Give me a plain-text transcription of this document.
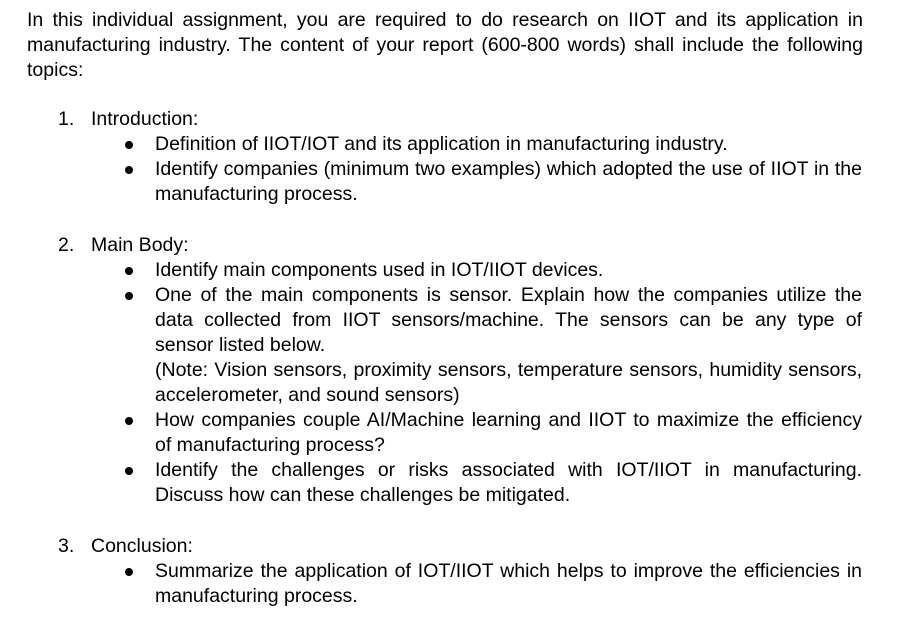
In this individual assignment, you are required to do research on IIOT and its application in manufacturing industry. The content of your report (600-800 words) shall include the following topics:
1. Introduction:
Definition of IIOT/IOT and its application in manufacturing industry.
Identify companies (minimum two examples) which adopted the use of IIOT in the manufacturing process.
2. Main Body:
Identify main components used in IOT/IIOT devices.
One of the main components is sensor. Explain how the companies utilize the data collected from IIOT sensors/machine. The sensors can be any type of sensor listed below.
(Note: Vision sensors, proximity sensors, temperature sensors, humidity sensors, accelerometer, and sound sensors)
How companies couple AI/Machine learning and IIOT to maximize the efficiency of manufacturing process?
Identify the challenges or risks associated with IOT/IIOT in manufacturing. Discuss how can these challenges be mitigated.
3. Conclusion:
Summarize the application of IOT/IIOT which helps to improve the efficiencies in manufacturing process.
